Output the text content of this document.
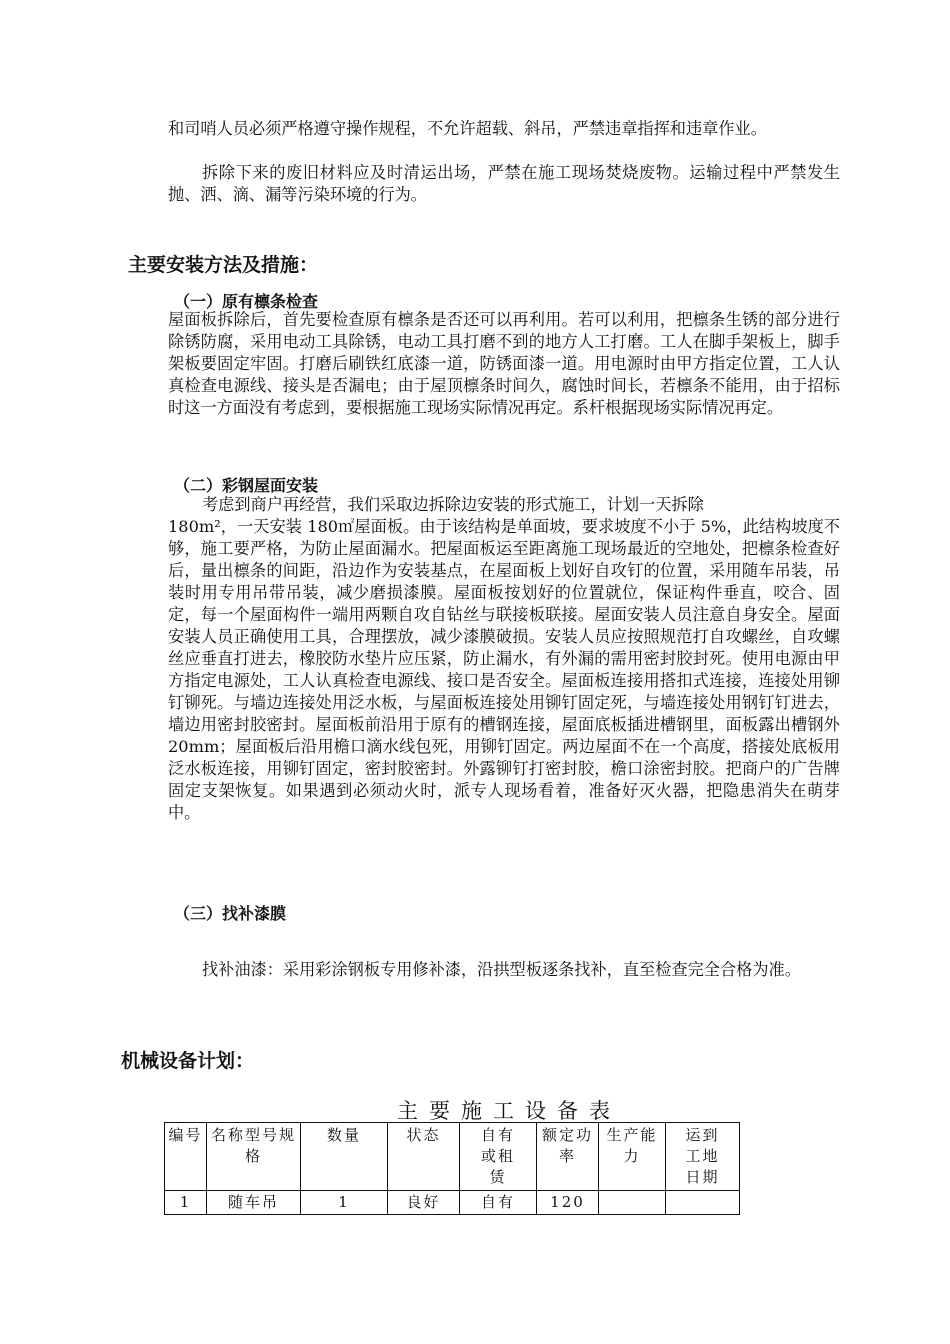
和司哨人员必须严格遵守操作规程，不允许超载、斜吊，严禁违章指挥和违章作业。

拆除下来的废旧材料应及时清运出场，严禁在施工现场焚烧废物。运输过程中严禁发生抛、洒、滴、漏等污染环境的行为。

主要安装方法及措施：
（一）原有檩条检查

屋面板拆除后，首先要检查原有檩条是否还可以再利用。若可以利用，把檩条生锈的部分进行除锈防腐，采用电动工具除锈，电动工具打磨不到的地方人工打磨。工人在脚手架板上，脚手架板要固定牢固。打磨后刷铁红底漆一道，防锈面漆一道。用电源时由甲方指定位置，工人认真检查电源线、接头是否漏电；由于屋顶檩条时间久，腐蚀时间长，若檩条不能用，由于招标时这一方面没有考虑到，要根据施工现场实际情况再定。系杆根据现场实际情况再定。

（二）彩钢屋面安装

考虑到商户再经营，我们采取边拆除边安装的形式施工，计划一天拆除

180m²，一天安装 180㎡屋面板。由于该结构是单面坡，要求坡度不小于 5%，此结构坡度不够，施工要严格，为防止屋面漏水。把屋面板运至距离施工现场最近的空地处，把檩条检查好后，量出檩条的间距，沿边作为安装基点，在屋面板上划好自攻钉的位置，采用随车吊装，吊装时用专用吊带吊装，减少磨损漆膜。屋面板按划好的位置就位，保证构件垂直，咬合、固定，每一个屋面构件一端用两颗自攻自钻丝与联接板联接。屋面安装人员注意自身安全。屋面安装人员正确使用工具，合理摆放，减少漆膜破损。安装人员应按照规范打自攻螺丝，自攻螺丝应垂直打进去，橡胶防水垫片应压紧，防止漏水，有外漏的需用密封胶封死。使用电源由甲方指定电源处，工人认真检查电源线、接口是否安全。屋面板连接用搭扣式连接，连接处用铆钉铆死。与墙边连接处用泛水板，与屋面板连接处用铆钉固定死，与墙连接处用钢钉钉进去，墙边用密封胶密封。屋面板前沿用于原有的槽钢连接，屋面底板插进槽钢里，面板露出槽钢外 20mm；屋面板后沿用檐口滴水线包死，用铆钉固定。两边屋面不在一个高度，搭接处底板用泛水板连接，用铆钉固定，密封胶密封。外露铆钉打密封胶，檐口涂密封胶。把商户的广告牌固定支架恢复。如果遇到必须动火时，派专人现场看着，准备好灭火器，把隐患消失在萌芽中。

（三）找补漆膜

找补油漆：采用彩涂钢板专用修补漆，沿拱型板逐条找补，直至检查完全合格为准。

机械设备计划：
主要施工设备表
编号	名称型号规格	数量	状态	自有或租赁	额定功率	生产能力	运到工地日期
1	随车吊	1	良好	自有	120		
